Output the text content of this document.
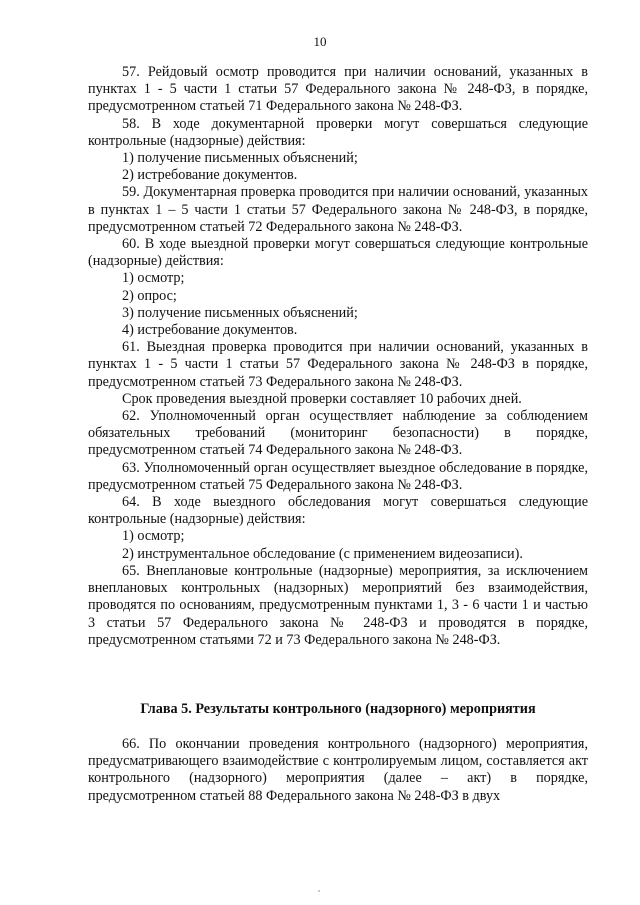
10

57. Рейдовый осмотр проводится при наличии оснований, указанных в пунктах 1 - 5 части 1 статьи 57 Федерального закона № 248-ФЗ, в порядке, предусмотренном статьей 71 Федерального закона № 248-ФЗ.

58. В ходе документарной проверки могут совершаться следующие контрольные (надзорные) действия:

1) получение письменных объяснений;

2) истребование документов.

59. Документарная проверка проводится при наличии оснований, указанных в пунктах 1 – 5 части 1 статьи 57 Федерального закона № 248-ФЗ, в порядке, предусмотренном статьей 72 Федерального закона № 248-ФЗ.

60. В ходе выездной проверки могут совершаться следующие контрольные (надзорные) действия:

1) осмотр;

2) опрос;

3) получение письменных объяснений;

4) истребование документов.

61. Выездная проверка проводится при наличии оснований, указанных в пунктах 1 - 5 части 1 статьи 57 Федерального закона № 248-ФЗ в порядке, предусмотренном статьей 73 Федерального закона № 248-ФЗ.

Срок проведения выездной проверки составляет 10 рабочих дней.

62. Уполномоченный орган осуществляет наблюдение за соблюдением обязательных требований (мониторинг безопасности) в порядке, предусмотренном статьей 74 Федерального закона № 248-ФЗ.

63. Уполномоченный орган осуществляет выездное обследование в порядке, предусмотренном статьей 75 Федерального закона № 248-ФЗ.

64. В ходе выездного обследования могут совершаться следующие контрольные (надзорные) действия:

1) осмотр;

2) инструментальное обследование (с применением видеозаписи).

65. Внеплановые контрольные (надзорные) мероприятия, за исключением внеплановых контрольных (надзорных) мероприятий без взаимодействия, проводятся по основаниям, предусмотренным пунктами 1, 3 - 6 части 1 и частью 3 статьи 57 Федерального закона № 248-ФЗ и проводятся в порядке, предусмотренном статьями 72 и 73 Федерального закона № 248-ФЗ.

Глава 5. Результаты контрольного (надзорного) мероприятия

66. По окончании проведения контрольного (надзорного) мероприятия, предусматривающего взаимодействие с контролируемым лицом, составляется акт контрольного (надзорного) мероприятия (далее – акт) в порядке, предусмотренном статьей 88 Федерального закона № 248-ФЗ в двух
